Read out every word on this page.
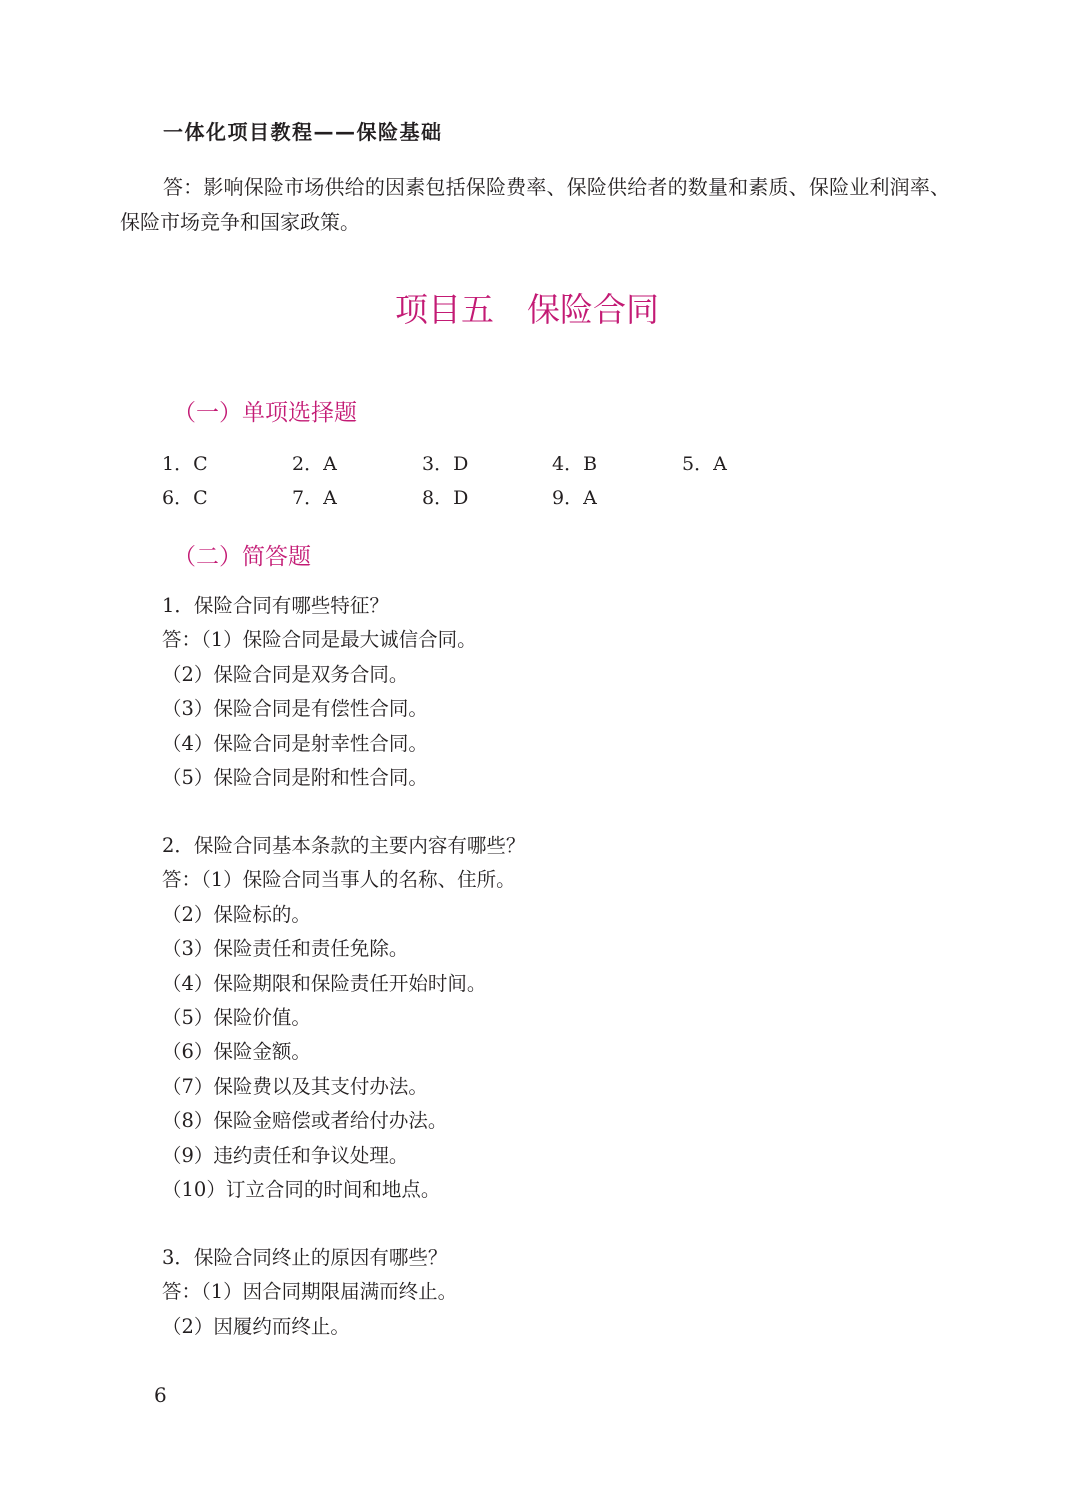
一体化项目教程——保险基础

答：影响保险市场供给的因素包括保险费率、保险供给者的数量和素质、保险业利润率、保险市场竞争和国家政策。

项目五　保险合同
（一）单项选择题
1．C	2．A	3．D	4．B	5．A
6．C	7．A	8．D	9．A
（二）简答题
1．保险合同有哪些特征？
答：（1）保险合同是最大诚信合同。
（2）保险合同是双务合同。
（3）保险合同是有偿性合同。
（4）保险合同是射幸性合同。
（5）保险合同是附和性合同。
2．保险合同基本条款的主要内容有哪些？
答：（1）保险合同当事人的名称、住所。
（2）保险标的。
（3）保险责任和责任免除。
（4）保险期限和保险责任开始时间。
（5）保险价值。
（6）保险金额。
（7）保险费以及其支付办法。
（8）保险金赔偿或者给付办法。
（9）违约责任和争议处理。
（10）订立合同的时间和地点。
3．保险合同终止的原因有哪些？
答：（1）因合同期限届满而终止。
（2）因履约而终止。
6
